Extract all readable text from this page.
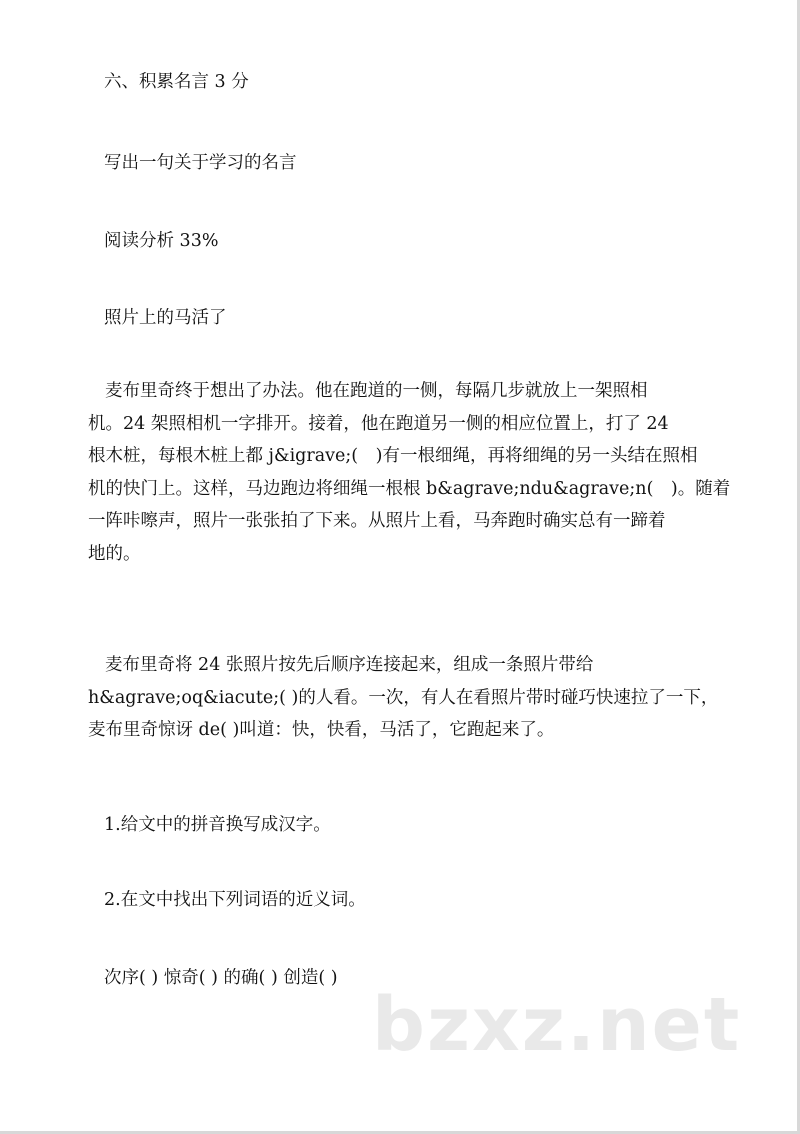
六、积累名言 3 分
写出一句关于学习的名言
阅读分析 33%
照片上的马活了
麦布里奇终于想出了办法。他在跑道的一侧，每隔几步就放上一架照相
机。24 架照相机一字排开。接着，他在跑道另一侧的相应位置上，打了 24
根木桩，每根木桩上都 j&igrave;(　)有一根细绳，再将细绳的另一头结在照相
机的快门上。这样，马边跑边将细绳一根根 b&agrave;ndu&agrave;n(　)。随着
一阵咔嚓声，照片一张张拍了下来。从照片上看，马奔跑时确实总有一蹄着
地的。
麦布里奇将 24 张照片按先后顺序连接起来，组成一条照片带给
h&agrave;oq&iacute;( )的人看。一次，有人在看照片带时碰巧快速拉了一下，
麦布里奇惊讶 de( )叫道：快，快看，马活了，它跑起来了。
1.给文中的拼音换写成汉字。
2.在文中找出下列词语的近义词。
次序( ) 惊奇( ) 的确( ) 创造( )
bzxz.net
